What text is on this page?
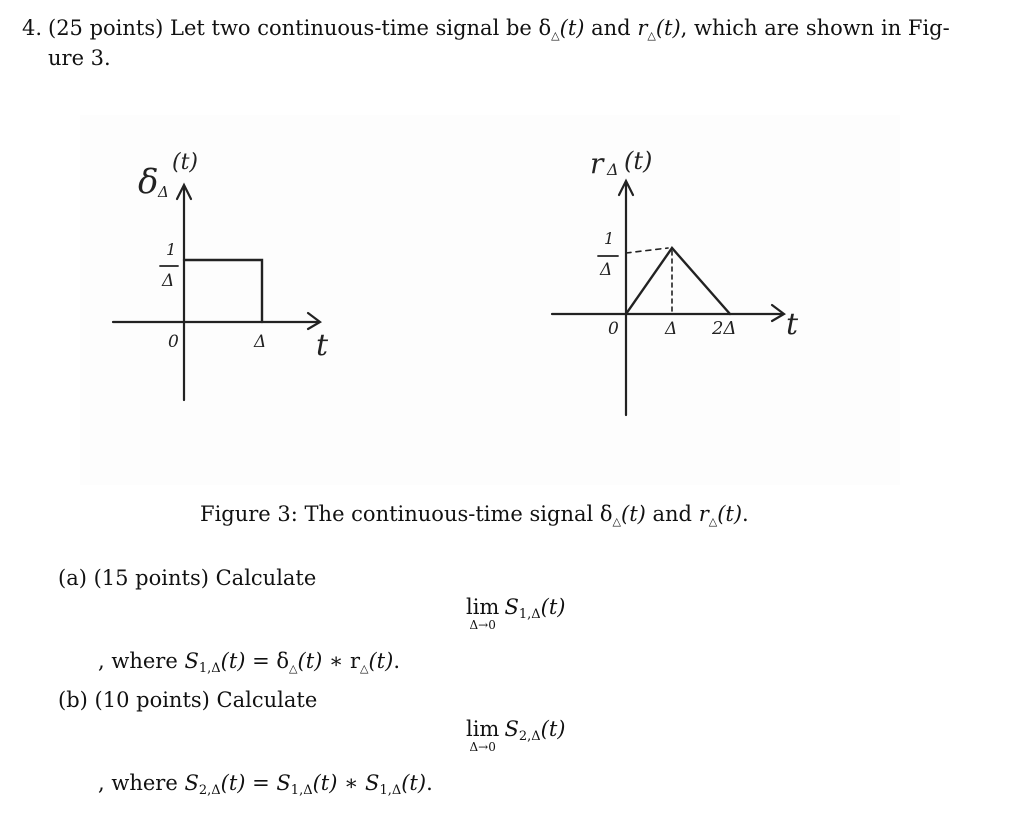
4. (25 points) Let two continuous-time signal be δ△(t) and r△(t), which are shown in Fig-
ure 3.
δ Δ
(t)
1
Δ
0	Δ t
r Δ (t)
1
Δ
0	Δ 2Δ t
Figure 3: The continuous-time signal δ△(t) and r△(t).
(a) (15 points) Calculate
lim
Δ→0
$S_{1,\Delta}(t)$
, where $S_{1,\Delta}(t)$ = δ△(t) ∗ r△(t).
(b) (10 points) Calculate
lim
Δ→0
$S_{2,\Delta}(t)$
, where $S_{2,\Delta}(t) = S_{1,\Delta}(t)$ ∗ $S_{1,\Delta}(t)$.
